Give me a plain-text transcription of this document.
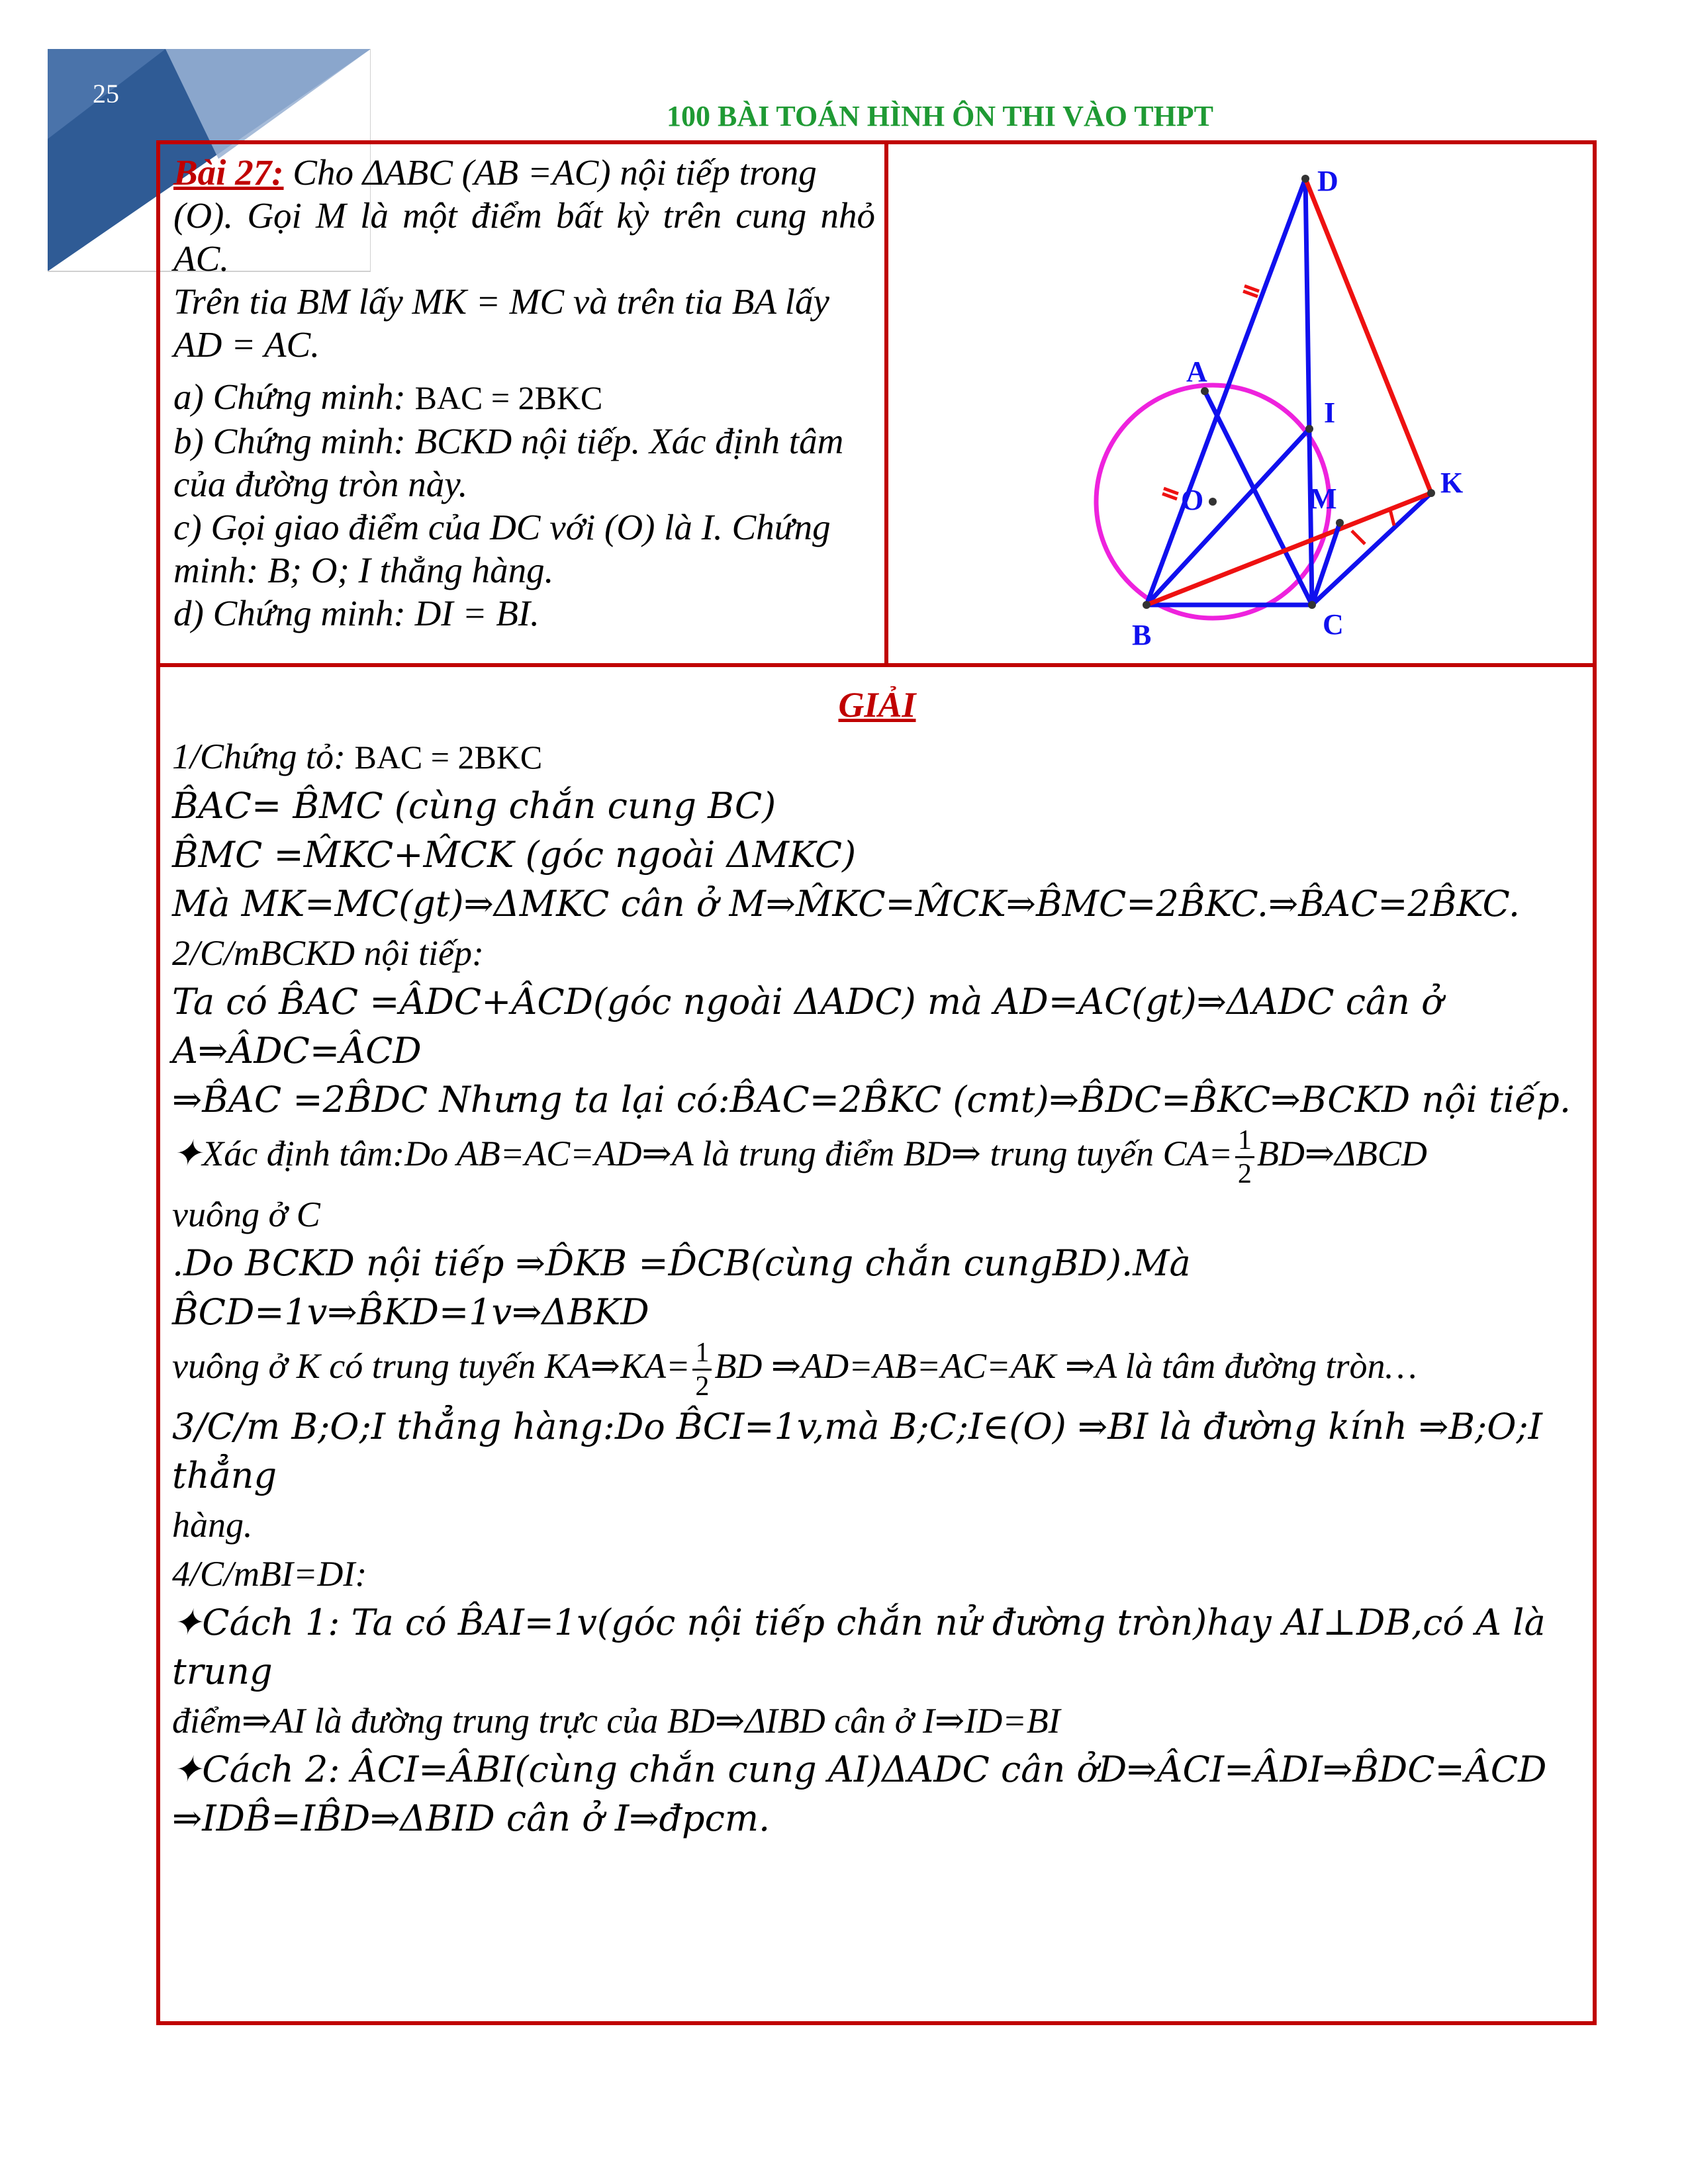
25
100 BÀI TOÁN HÌNH ÔN THI VÀO THPT

Bài 27: Cho ΔABC (AB =AC) nội tiếp trong

(O). Gọi M là một điểm bất kỳ trên cung nhỏ AC.

Trên tia BM lấy MK = MC và trên tia BA lấy

AD = AC.

a) Chứng minh: BAC = 2BKC

b) Chứng minh: BCKD nội tiếp. Xác định tâm

của đường tròn này.

c) Gọi giao điểm của DC với (O) là I. Chứng

minh: B; O; I thẳng hàng.

d) Chứng minh: DI = BI.

D
A
I
O	M	K
B	C

GIẢI

1/Chứng tỏ: BAC = 2BKC

B̂AC= B̂MC (cùng chắn cung BC)

B̂MC =M̂KC+M̂CK (góc ngoài ΔMKC)

Mà MK=MC(gt)⇒ΔMKC cân ở M⇒M̂KC=M̂CK⇒B̂MC=2B̂KC.⇒B̂AC=2B̂KC.

2/C/mBCKD nội tiếp:

Ta có B̂AC =ÂDC+ÂCD(góc ngoài ΔADC) mà AD=AC(gt)⇒ΔADC cân ở A⇒ÂDC=ÂCD

⇒B̂AC =2B̂DC Nhưng ta lại có:B̂AC=2B̂KC (cmt)⇒B̂DC=B̂KC⇒BCKD nội tiếp.

✦Xác định tâm:Do AB=AC=AD⇒A là trung điểm BD⇒ trung tuyến $CA= \frac{1}{2}$ BD⇒ΔBCD

vuông ở C

.Do BCKD nội tiếp ⇒D̂KB =D̂CB(cùng chắn cungBD).Mà B̂CD=1v⇒B̂KD=1v⇒ΔBKD

vuông ở K có trung tuyến KA⇒KA= $\frac{1}{2}$ BD ⇒AD=AB=AC=AK ⇒A là tâm đường tròn…

3/C/m B;O;I thẳng hàng:Do B̂CI=1v,mà B;C;I∈(O) ⇒BI là đường kính ⇒B;O;I thẳng

hàng.

4/C/mBI=DI:

✦Cách 1: Ta có B̂AI=1v(góc nội tiếp chắn nử đường tròn)hay AI⊥DB,có A là trung

điểm⇒AI là đường trung trực của BD⇒ΔIBD cân ở I⇒ID=BI

✦Cách 2: ÂCI=ÂBI(cùng chắn cung AI)ΔADC cân ởD⇒ÂCI=ÂDI⇒B̂DC=ÂCD

⇒IDB̂=IB̂D⇒ΔBID cân ở I⇒đpcm.
